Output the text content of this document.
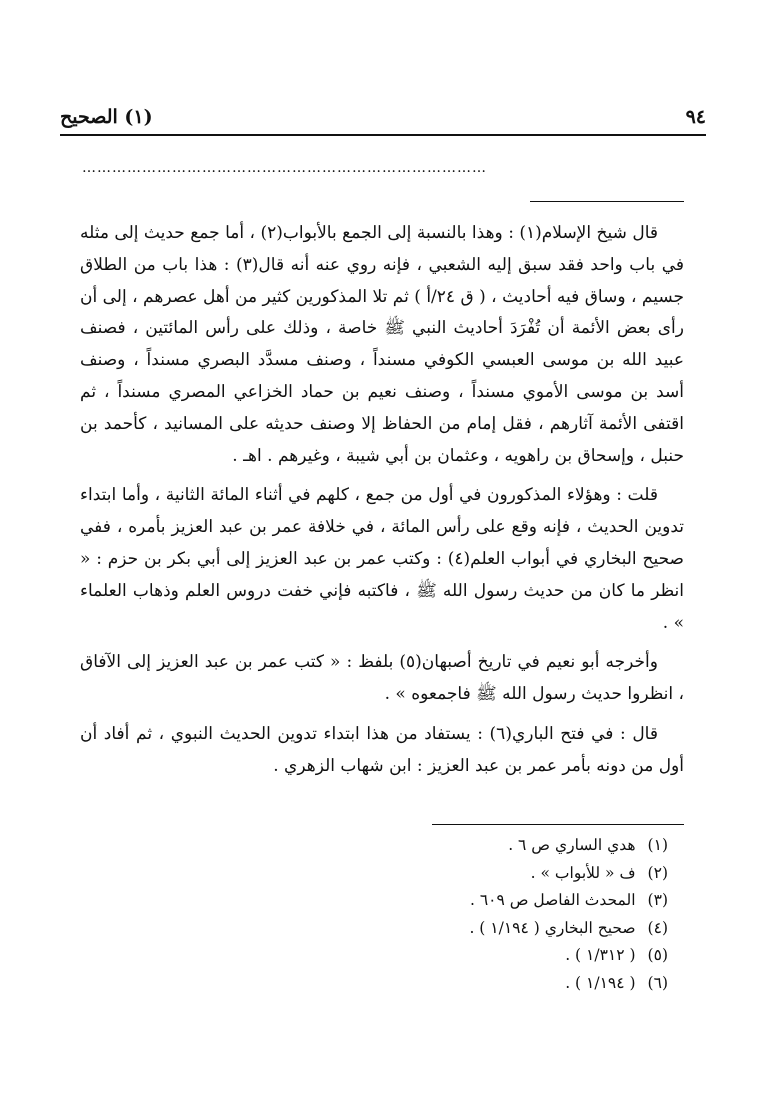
٩٤
(١) الصحيح
………………………………………………………………………

قال شيخ الإسلام(١) : وهذا بالنسبة إلى الجمع بالأبواب(٢) ، أما جمع حديث إلى مثله في باب واحد فقد سبق إليه الشعبي ، فإنه روي عنه أنه قال(٣) : هذا باب من الطلاق جسيم ، وساق فيه أحاديث ، ( ق ٢٤/أ ) ثم تلا المذكورين كثير من أهل عصرهم ، إلى أن رأى بعض الأئمة أن تُفْرَدَ أحاديث النبي ﷺ خاصة ، وذلك على رأس المائتين ، فصنف عبيد الله بن موسى العبسي الكوفي مسنداً ، وصنف مسدَّد البصري مسنداً ، وصنف أسد بن موسى الأموي مسنداً ، وصنف نعيم بن حماد الخزاعي المصري مسنداً ، ثم اقتفى الأئمة آثارهم ، فقل إمام من الحفاظ إلا وصنف حديثه على المسانيد ، كأحمد بن حنبل ، وإسحاق بن راهويه ، وعثمان بن أبي شيبة ، وغيرهم . اهـ .

قلت : وهؤلاء المذكورون في أول من جمع ، كلهم في أثناء المائة الثانية ، وأما ابتداء تدوين الحديث ، فإنه وقع على رأس المائة ، في خلافة عمر بن عبد العزيز بأمره ، ففي صحيح البخاري في أبواب العلم(٤) : وكتب عمر بن عبد العزيز إلى أبي بكر بن حزم : « انظر ما كان من حديث رسول الله ﷺ ، فاكتبه فإني خفت دروس العلم وذهاب العلماء » .

وأخرجه أبو نعيم في تاريخ أصبهان(٥) بلفظ : « كتب عمر بن عبد العزيز إلى الآفاق ، انظروا حديث رسول الله ﷺ فاجمعوه » .

قال : في فتح الباري(٦) : يستفاد من هذا ابتداء تدوين الحديث النبوي ، ثم أفاد أن أول من دونه بأمر عمر بن عبد العزيز : ابن شهاب الزهري .

(١)
هدي الساري ص ٦ .
(٢)
ف « للأبواب » .
(٣)
المحدث الفاصل ص ٦٠٩ .
(٤)
صحيح البخاري ( ١/١٩٤ ) .
(٥)
( ١/٣١٢ ) .
(٦)
( ١/١٩٤ ) .
